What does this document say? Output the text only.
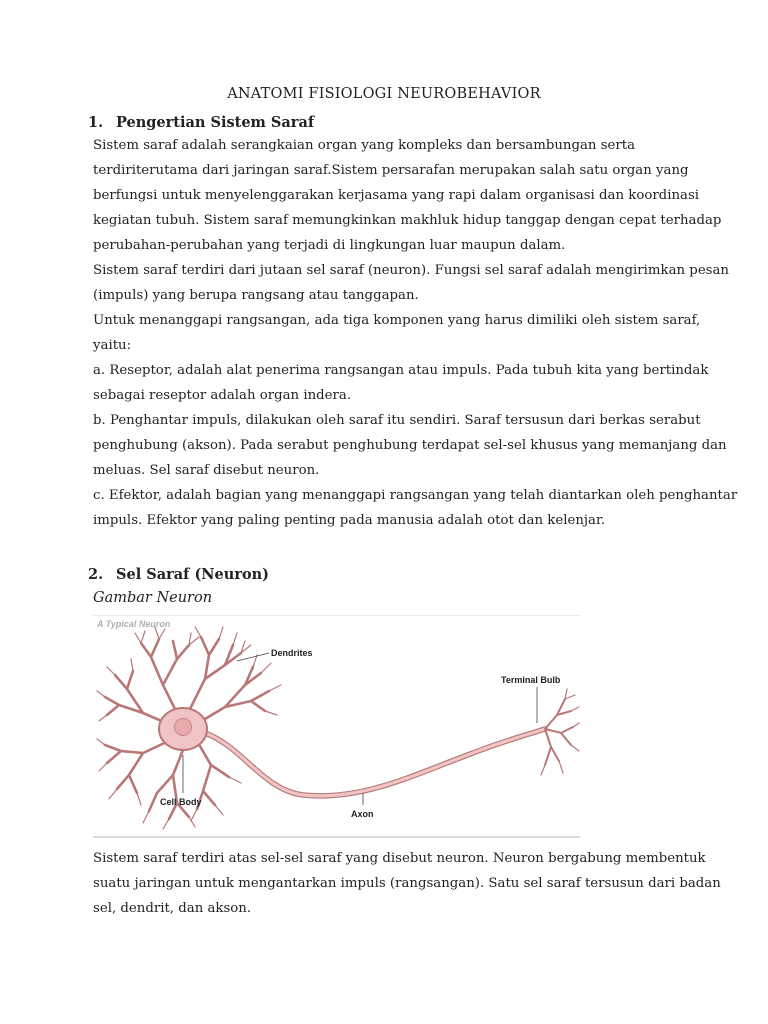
ANATOMI FISIOLOGI NEUROBEHAVIOR
1. Pengertian Sistem Saraf
Sistem saraf adalah serangkaian organ yang kompleks dan bersambungan serta
terdiriterutama dari jaringan saraf.Sistem persarafan merupakan salah satu organ yang
berfungsi untuk menyelenggarakan kerjasama yang rapi dalam organisasi dan koordinasi
kegiatan tubuh. Sistem saraf memungkinkan makhluk hidup tanggap dengan cepat terhadap
perubahan-perubahan yang terjadi di lingkungan luar maupun dalam.
Sistem saraf terdiri dari jutaan sel saraf (neuron). Fungsi sel saraf adalah mengirimkan pesan
(impuls) yang berupa rangsang atau tanggapan.
Untuk menanggapi rangsangan, ada tiga komponen yang harus dimiliki oleh sistem saraf,
yaitu:
a. Reseptor, adalah alat penerima rangsangan atau impuls. Pada tubuh kita yang bertindak
sebagai reseptor adalah organ indera.
b. Penghantar impuls, dilakukan oleh saraf itu sendiri. Saraf tersusun dari berkas serabut
penghubung (akson). Pada serabut penghubung terdapat sel-sel khusus yang memanjang dan
meluas. Sel saraf disebut neuron.
c. Efektor, adalah bagian yang menanggapi rangsangan yang telah diantarkan oleh penghantar
impuls. Efektor yang paling penting pada manusia adalah otot dan kelenjar.
2. Sel Saraf (Neuron)
Gambar Neuron
A Typical Neuron
Dendrites
Terminal Bulb
Cell Body
Axon
Sistem saraf terdiri atas sel-sel saraf yang disebut neuron. Neuron bergabung membentuk
suatu jaringan untuk mengantarkan impuls (rangsangan). Satu sel saraf tersusun dari badan
sel, dendrit, dan akson.
